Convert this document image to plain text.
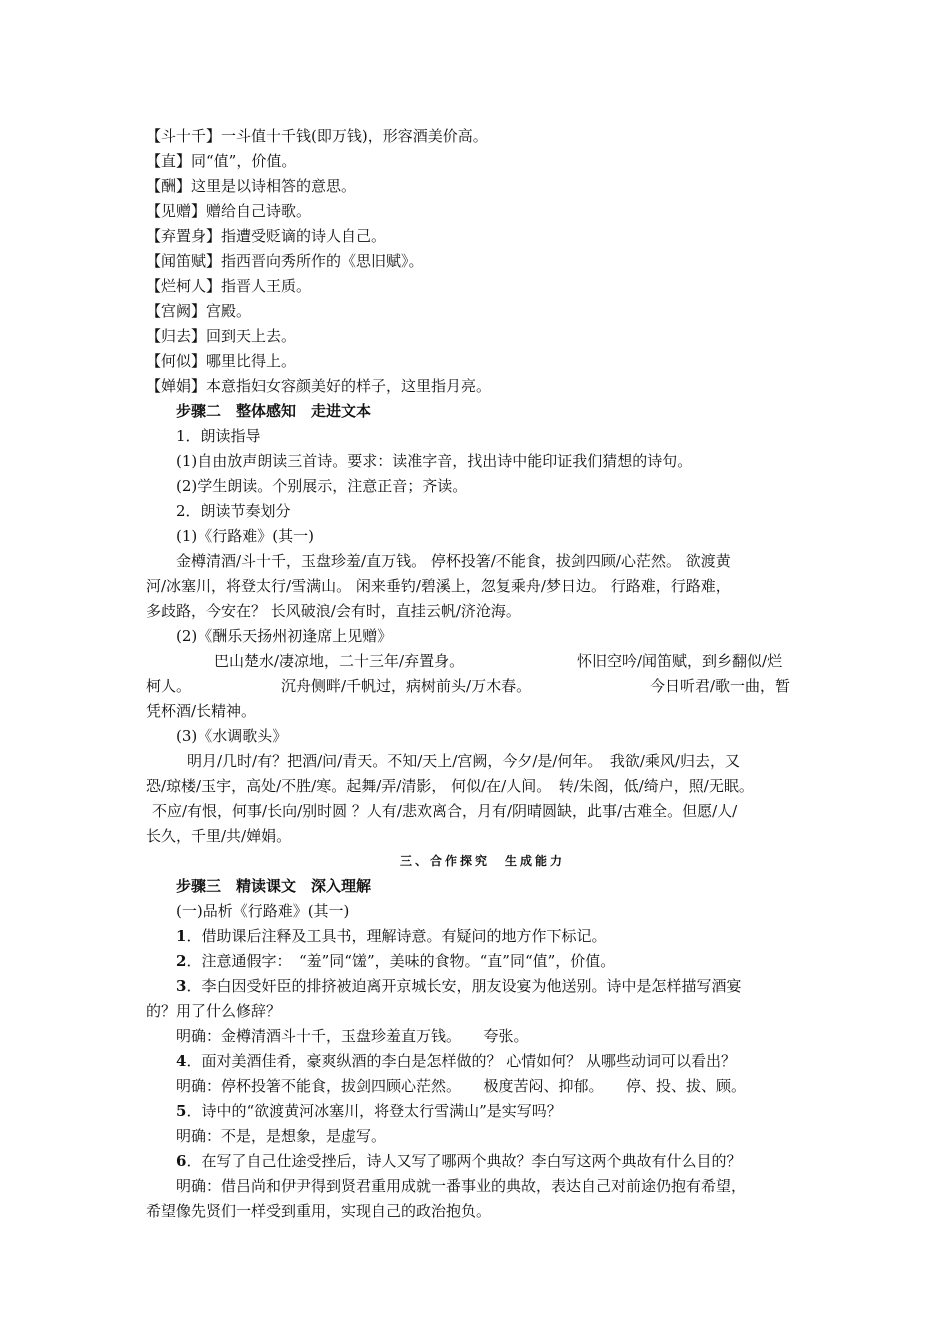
【斗十千】一斗值十千钱(即万钱)，形容酒美价高。
【直】同“值”，价值。
【酬】这里是以诗相答的意思。
【见赠】赠给自己诗歌。
【弃置身】指遭受贬谪的诗人自己。
【闻笛赋】指西晋向秀所作的《思旧赋》。
【烂柯人】指晋人王质。
【宫阙】宫殿。
【归去】回到天上去。
【何似】哪里比得上。
【婵娟】本意指妇女容颜美好的样子，这里指月亮。
步骤二　整体感知　走进文本
1．朗读指导
(1)自由放声朗读三首诗。要求：读准字音，找出诗中能印证我们猜想的诗句。
(2)学生朗读。个别展示，注意正音；齐读。
2．朗读节奏划分
(1)《行路难》(其一)
金樽清酒/斗十千，玉盘珍羞/直万钱。 停杯投箸/不能食，拔剑四顾/心茫然。 欲渡黄
河/冰塞川，将登太行/雪满山。 闲来垂钓/碧溪上，忽复乘舟/梦日边。 行路难，行路难，
多歧路，今安在？ 长风破浪/会有时，直挂云帆/济沧海。
(2)《酬乐天扬州初逢席上见赠》
巴山楚水/凄凉地，二十三年/弃置身。	怀旧空吟/闻笛赋，到乡翻似/烂
柯人。	沉舟侧畔/千帆过，病树前头/万木春。	今日听君/歌一曲，暂
凭杯酒/长精神。
(3)《水调歌头》
明月/几时/有？把酒/问/青天。不知/天上/宫阙，今夕/是/何年。　我欲/乘风/归去，又
恐/琼楼/玉宇，高处/不胜/寒。起舞/弄/清影， 何似/在/人间。　转/朱阁，低/绮户，照/无眠。
不应/有恨，何事/长向/别时圆 ？人有/悲欢离合，月有/阴晴圆缺，此事/古难全。但愿/人/
长久，千里/共/婵娟。
三、合作探究　生成能力
步骤三　精读课文　深入理解
(一)品析《行路难》(其一)
1．借助课后注释及工具书，理解诗意。有疑问的地方作下标记。
2．注意通假字：　“羞”同“馐”，美味的食物。“直”同“值”，价值。
3．李白因受奸臣的排挤被迫离开京城长安，朋友设宴为他送别。诗中是怎样描写酒宴
的？用了什么修辞？
明确：金樽清酒斗十千，玉盘珍羞直万钱。　　夸张。
4．面对美酒佳肴，豪爽纵酒的李白是怎样做的？ 心情如何？ 从哪些动词可以看出？
明确：停杯投箸不能食，拔剑四顾心茫然。　　极度苦闷、抑郁。　　停、投、拔、顾。
5．诗中的“欲渡黄河冰塞川，将登太行雪满山”是实写吗？
明确：不是，是想象，是虚写。
6．在写了自己仕途受挫后，诗人又写了哪两个典故？李白写这两个典故有什么目的？
明确：借吕尚和伊尹得到贤君重用成就一番事业的典故，表达自己对前途仍抱有希望，
希望像先贤们一样受到重用，实现自己的政治抱负。
